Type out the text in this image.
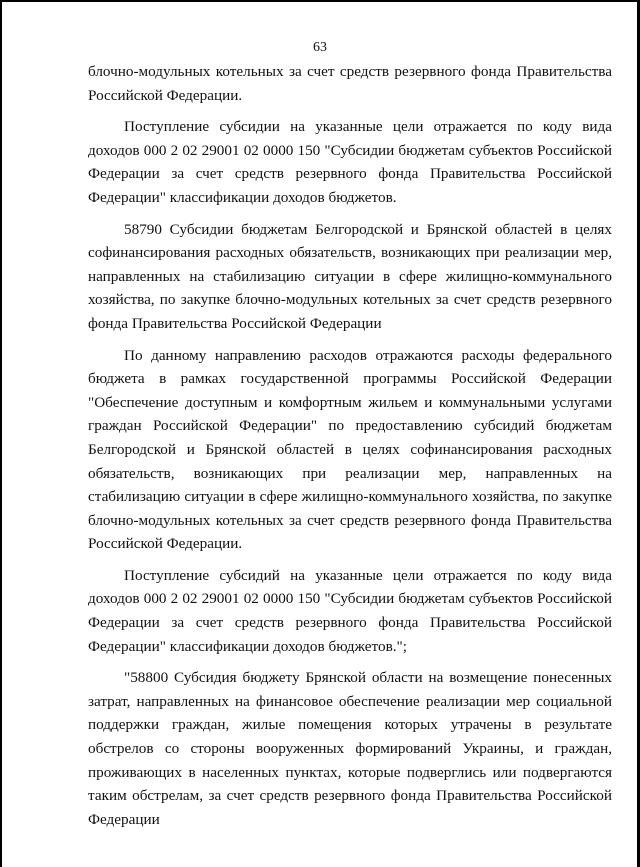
63

блочно-модульных котельных за счет средств резервного фонда Правительства Российской Федерации.

Поступление субсидии на указанные цели отражается по коду вида доходов 000 2 02 29001 02 0000 150 "Субсидии бюджетам субъектов Российской Федерации за счет средств резервного фонда Правительства Российской Федерации" классификации доходов бюджетов.

58790 Субсидии бюджетам Белгородской и Брянской областей в целях софинансирования расходных обязательств, возникающих при реализации мер, направленных на стабилизацию ситуации в сфере жилищно-коммунального хозяйства, по закупке блочно-модульных котельных за счет средств резервного фонда Правительства Российской Федерации

По данному направлению расходов отражаются расходы федерального бюджета в рамках государственной программы Российской Федерации "Обеспечение доступным и комфортным жильем и коммунальными услугами граждан Российской Федерации" по предоставлению субсидий бюджетам Белгородской и Брянской областей в целях софинансирования расходных обязательств, возникающих при реализации мер, направленных на стабилизацию ситуации в сфере жилищно-коммунального хозяйства, по закупке блочно-модульных котельных за счет средств резервного фонда Правительства Российской Федерации.

Поступление субсидий на указанные цели отражается по коду вида доходов 000 2 02 29001 02 0000 150 "Субсидии бюджетам субъектов Российской Федерации за счет средств резервного фонда Правительства Российской Федерации" классификации доходов бюджетов.";

"58800 Субсидия бюджету Брянской области на возмещение понесенных затрат, направленных на финансовое обеспечение реализации мер социальной поддержки граждан, жилые помещения которых утрачены в результате обстрелов со стороны вооруженных формирований Украины, и граждан, проживающих в населенных пунктах, которые подверглись или подвергаются таким обстрелам, за счет средств резервного фонда Правительства Российской Федерации
